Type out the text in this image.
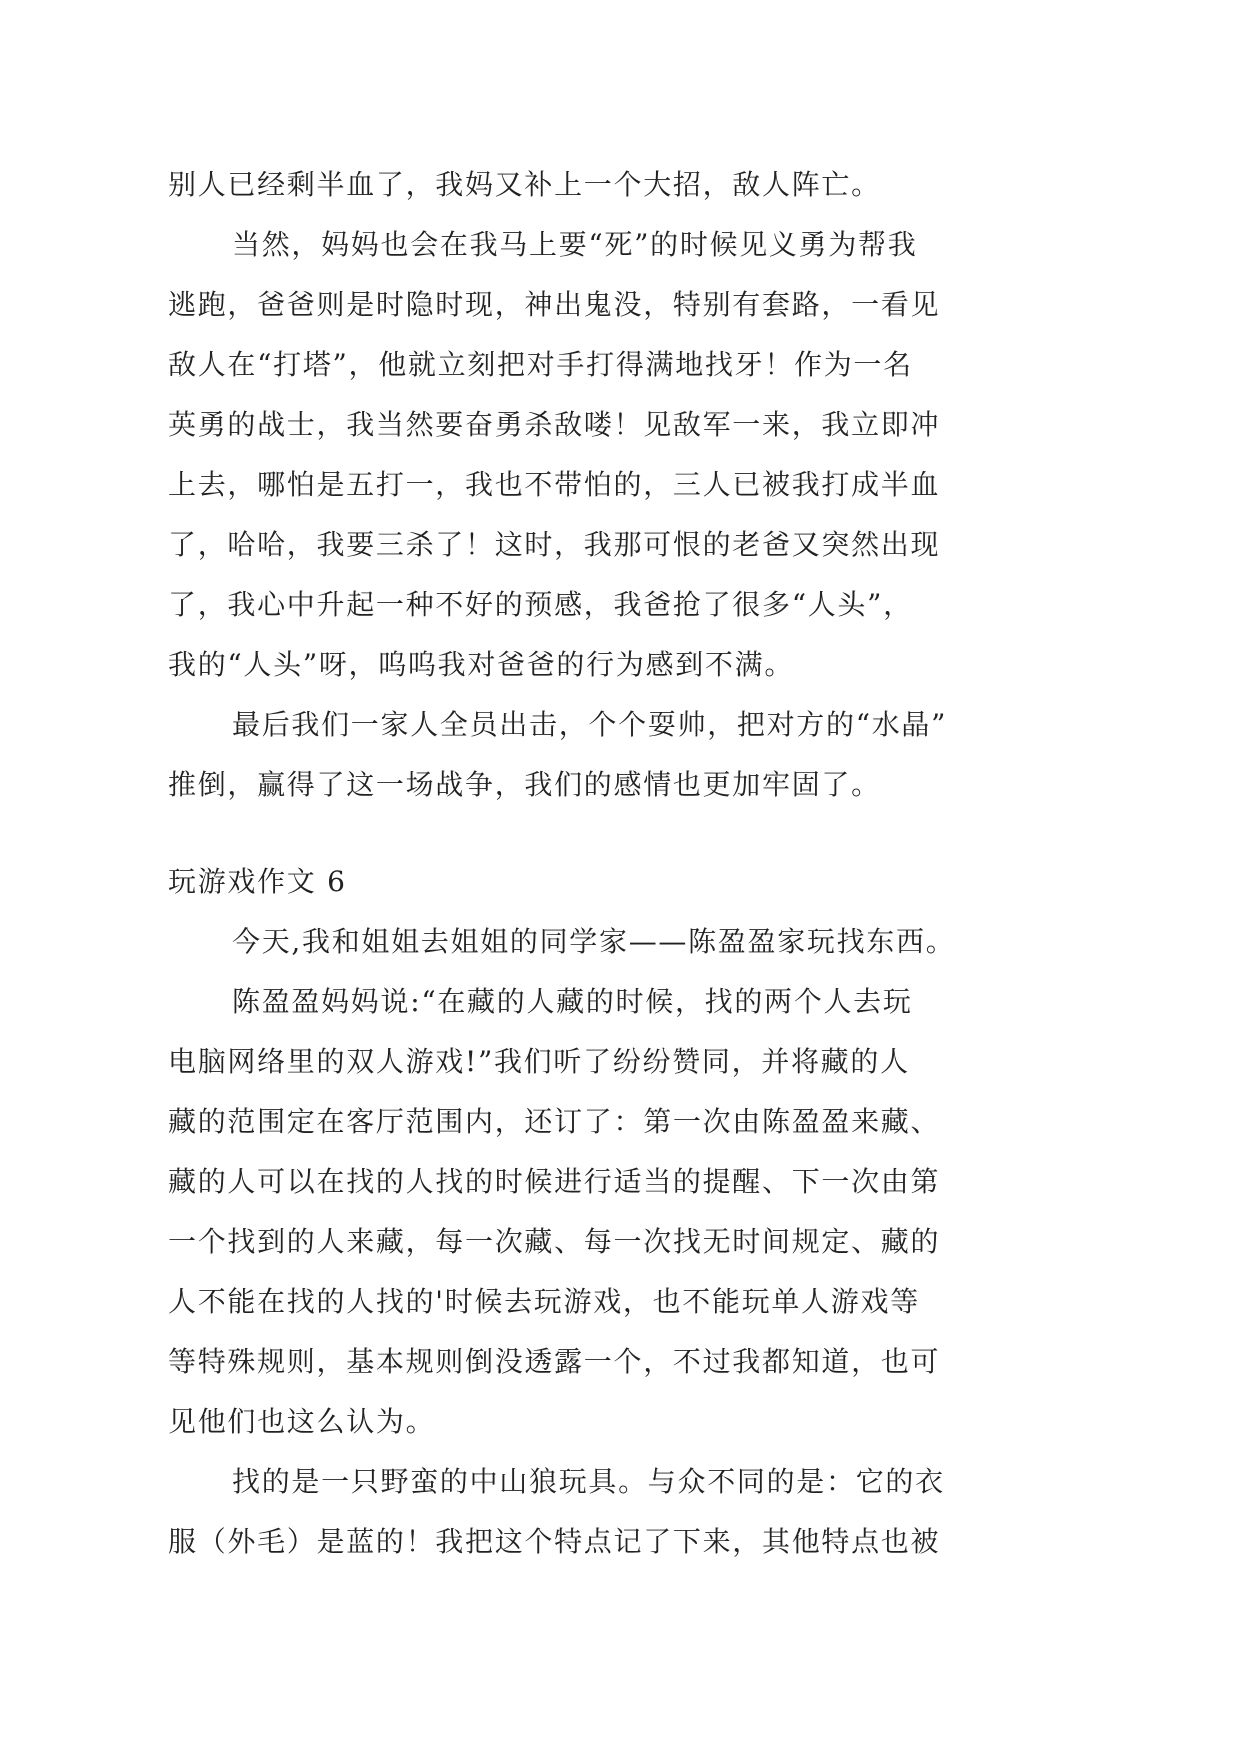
别人已经剩半血了，我妈又补上一个大招，敌人阵亡。
当然，妈妈也会在我马上要“死”的时候见义勇为帮我
逃跑，爸爸则是时隐时现，神出鬼没，特别有套路，一看见
敌人在“打塔”，他就立刻把对手打得满地找牙！作为一名
英勇的战士，我当然要奋勇杀敌喽！见敌军一来，我立即冲
上去，哪怕是五打一，我也不带怕的，三人已被我打成半血
了，哈哈，我要三杀了！这时，我那可恨的老爸又突然出现
了，我心中升起一种不好的预感，我爸抢了很多“人头”，
我的“人头”呀，呜呜我对爸爸的行为感到不满。
最后我们一家人全员出击，个个耍帅，把对方的“水晶”
推倒，赢得了这一场战争，我们的感情也更加牢固了。
玩游戏作文 6
今天,我和姐姐去姐姐的同学家——陈盈盈家玩找东西。
陈盈盈妈妈说:“在藏的人藏的时候，找的两个人去玩
电脑网络里的双人游戏!”我们听了纷纷赞同，并将藏的人
藏的范围定在客厅范围内，还订了：第一次由陈盈盈来藏、
藏的人可以在找的人找的时候进行适当的提醒、下一次由第
一个找到的人来藏，每一次藏、每一次找无时间规定、藏的
人不能在找的人找的'时候去玩游戏，也不能玩单人游戏等
等特殊规则，基本规则倒没透露一个，不过我都知道，也可
见他们也这么认为。
找的是一只野蛮的中山狼玩具。与众不同的是：它的衣
服（外毛）是蓝的！我把这个特点记了下来，其他特点也被
